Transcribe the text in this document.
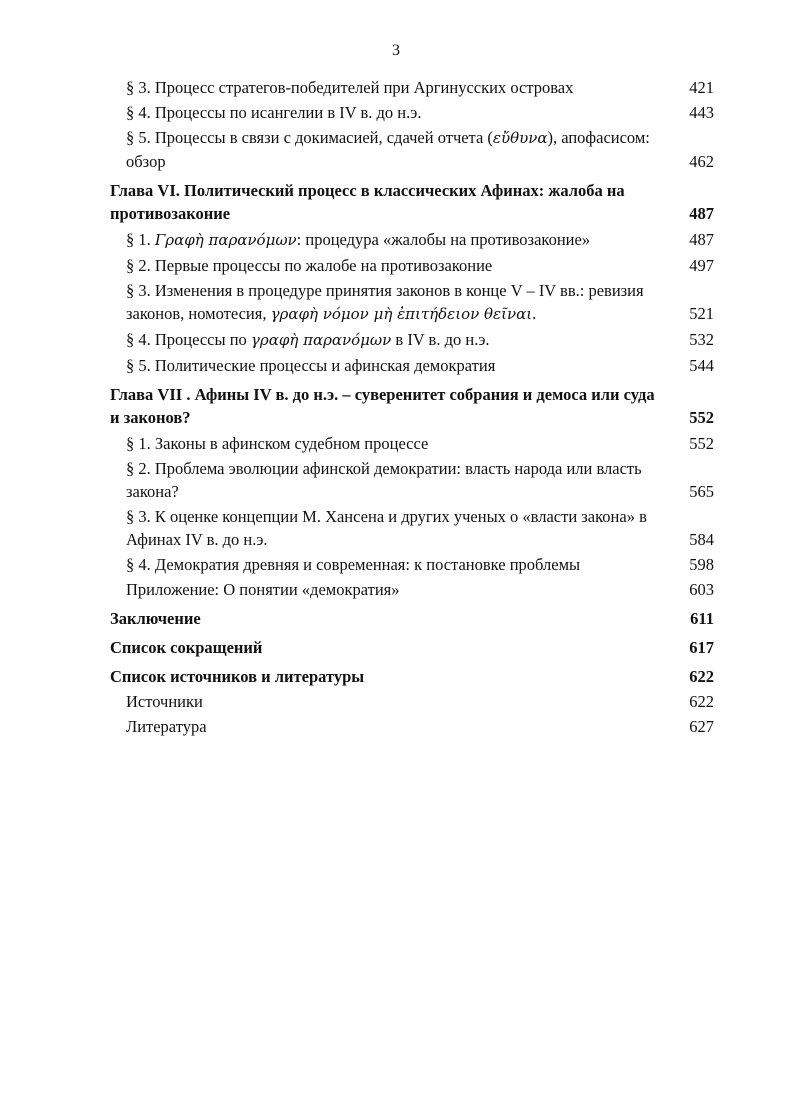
3
§ 3. Процесс стратегов-победителей при Аргинусских островах	421
§ 4. Процессы по исангелии в IV в. до н.э.	443
§ 5. Процессы в связи с докимасией, сдачей отчета (εὔθυνα), апофасисом:
обзор	462
Глава VI. Политический процесс в классических Афинах: жалоба на
противозаконие	487
§ 1. Γραφὴ παρανόμων: процедура «жалобы на противозаконие»	487
§ 2. Первые процессы по жалобе на противозаконие	497
§ 3. Изменения в процедуре принятия законов в конце V – IV вв.: ревизия
законов, номотесия, γραφὴ νόμον μὴ ἐπιτήδειον θεῖναι.	521
§ 4. Процессы по γραφὴ παρανόμων в IV в. до н.э.	532
§ 5. Политические процессы и афинская демократия	544
Глава VII . Афины IV в. до н.э. – суверенитет собрания и демоса или суда
и законов?	552
§ 1. Законы в афинском судебном процессе	552
§ 2. Проблема эволюции афинской демократии: власть народа или власть
закона?	565
§ 3. К оценке концепции М. Хансена и других ученых о «власти закона» в
Афинах IV в. до н.э.	584
§ 4. Демократия древняя и современная: к постановке проблемы	598
Приложение: О понятии «демократия»	603
Заключение	611
Список сокращений	617
Список источников и литературы	622
Источники	622
Литература	627
